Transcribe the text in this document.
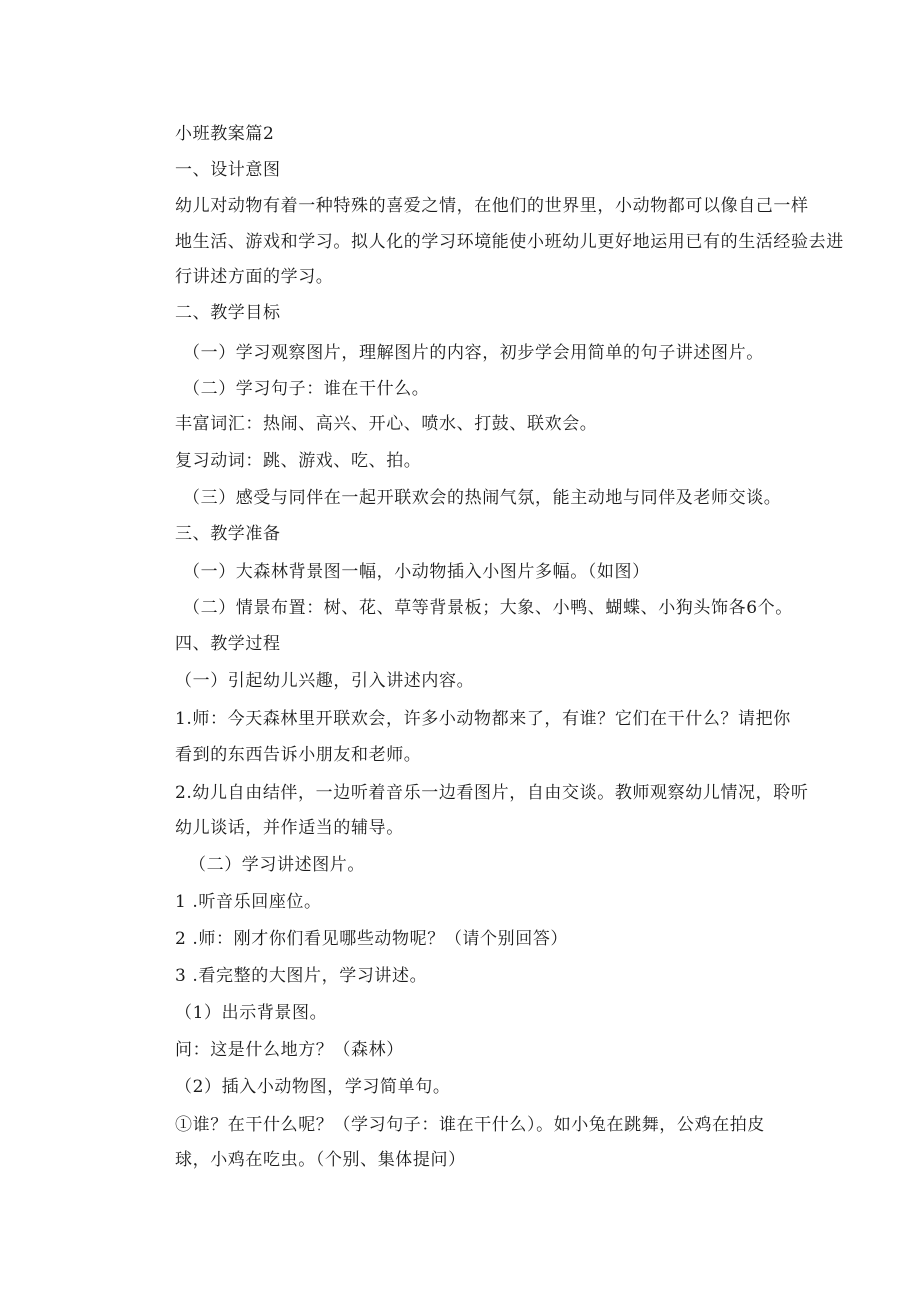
小班教案篇2
一、设计意图
幼儿对动物有着一种特殊的喜爱之情，在他们的世界里，小动物都可以像自己一样
地生活、游戏和学习。拟人化的学习环境能使小班幼儿更好地运用已有的生活经验去进
行讲述方面的学习。
二、教学目标
（一）学习观察图片，理解图片的内容，初步学会用简单的句子讲述图片。
（二）学习句子：谁在干什么。
丰富词汇：热闹、高兴、开心、喷水、打鼓、联欢会。
复习动词：跳、游戏、吃、拍。
（三）感受与同伴在一起开联欢会的热闹气氛，能主动地与同伴及老师交谈。
三、教学准备
（一）大森林背景图一幅，小动物插入小图片多幅。（如图）
（二）情景布置：树、花、草等背景板；大象、小鸭、蝴蝶、小狗头饰各6个。
四、教学过程
（一）引起幼儿兴趣，引入讲述内容。
1.师：今天森林里开联欢会，许多小动物都来了，有谁？它们在干什么？请把你
看到的东西告诉小朋友和老师。
2.幼儿自由结伴，一边听着音乐一边看图片，自由交谈。教师观察幼儿情况，聆听
幼儿谈话，并作适当的辅导。
（二）学习讲述图片。
1 .听音乐回座位。
2 .师：刚才你们看见哪些动物呢？（请个别回答）
3 .看完整的大图片，学习讲述。
（1）出示背景图。
问：这是什么地方？（森林）
（2）插入小动物图，学习简单句。
①谁？在干什么呢？（学习句子：谁在干什么）。如小兔在跳舞，公鸡在拍皮
球，小鸡在吃虫。（个别、集体提问）
